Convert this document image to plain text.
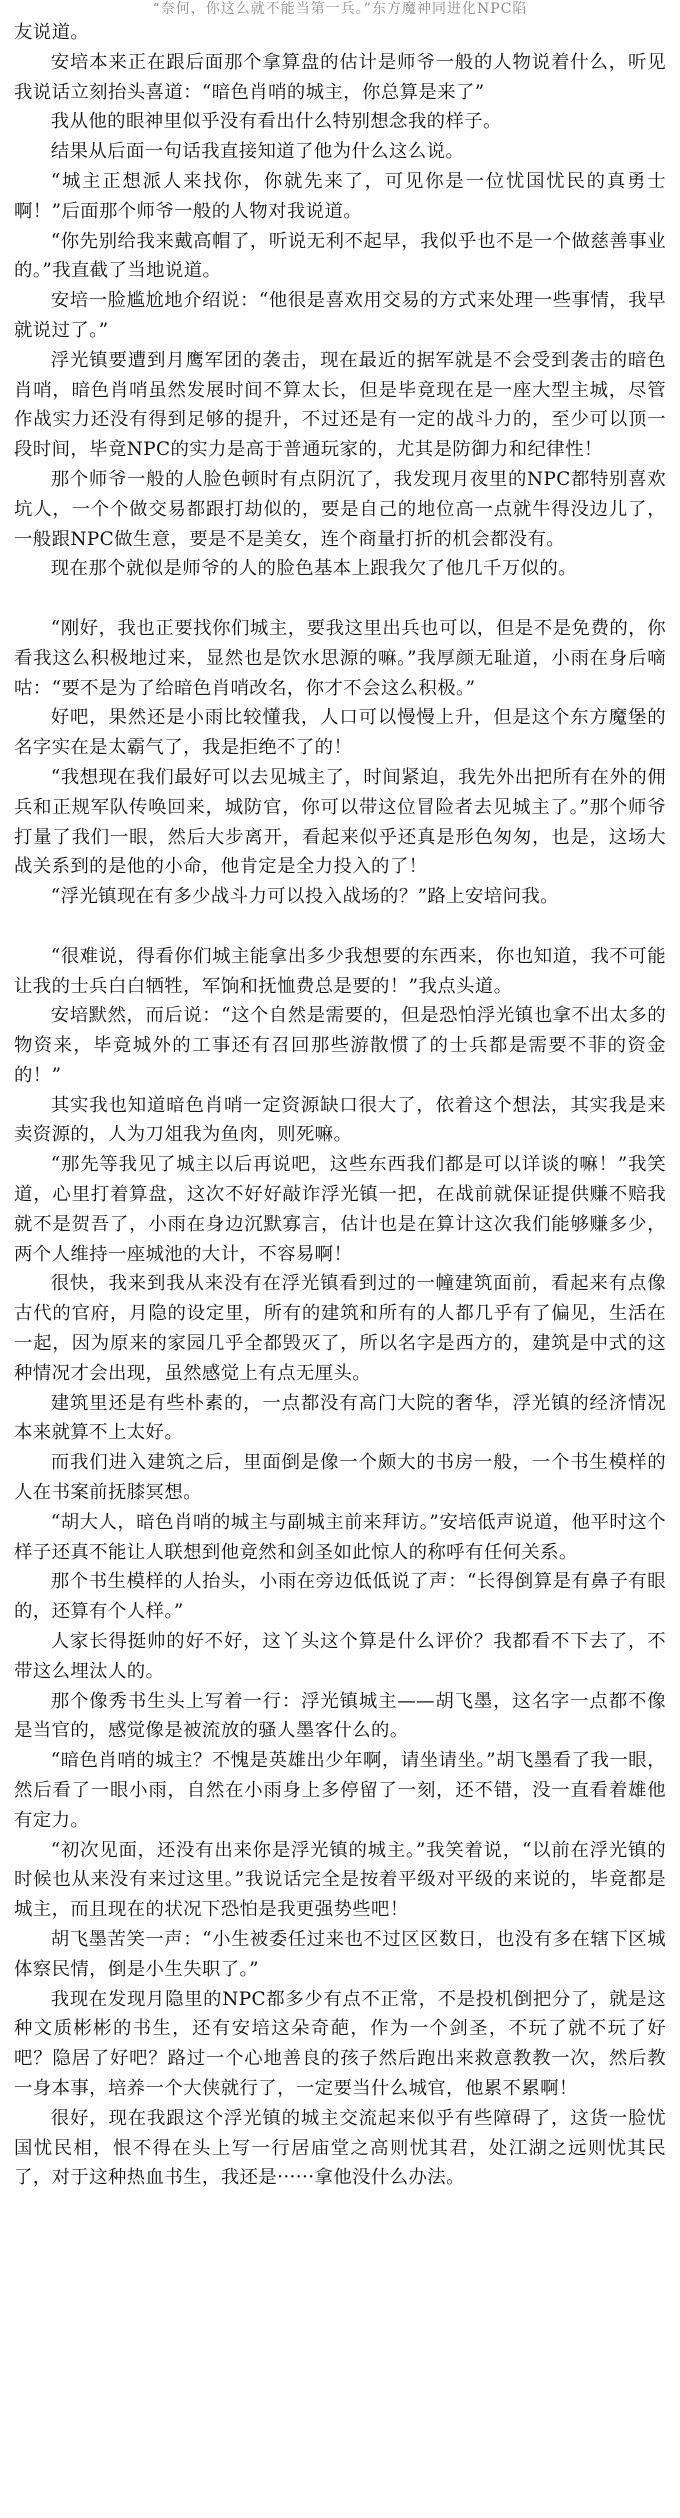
“奈何，你这么就不能当第一兵。”东方魔神同进化NPC陷

友说道。

安培本来正在跟后面那个拿算盘的估计是师爷一般的人物说着什么，听见我说话立刻抬头喜道：“暗色肖哨的城主，你总算是来了”

我从他的眼神里似乎没有看出什么特别想念我的样子。

结果从后面一句话我直接知道了他为什么这么说。

“城主正想派人来找你，你就先来了，可见你是一位忧国忧民的真勇士啊！”后面那个师爷一般的人物对我说道。

“你先别给我来戴高帽了，听说无利不起早，我似乎也不是一个做慈善事业的。”我直截了当地说道。

安培一脸尴尬地介绍说：“他很是喜欢用交易的方式来处理一些事情，我早就说过了。”

浮光镇要遭到月鹰军团的袭击，现在最近的据军就是不会受到袭击的暗色肖哨，暗色肖哨虽然发展时间不算太长，但是毕竟现在是一座大型主城，尽管作战实力还没有得到足够的提升，不过还是有一定的战斗力的，至少可以顶一段时间，毕竟NPC的实力是高于普通玩家的，尤其是防御力和纪律性！

那个师爷一般的人脸色顿时有点阴沉了，我发现月夜里的NPC都特别喜欢坑人，一个个做交易都跟打劫似的，要是自己的地位高一点就牛得没边儿了，一般跟NPC做生意，要是不是美女，连个商量打折的机会都没有。

现在那个就似是师爷的人的脸色基本上跟我欠了他几千万似的。

“刚好，我也正要找你们城主，要我这里出兵也可以，但是不是免费的，你看我这么积极地过来，显然也是饮水思源的嘛。”我厚颜无耻道，小雨在身后嘀咕：“要不是为了给暗色肖哨改名，你才不会这么积极。”

好吧，果然还是小雨比较懂我，人口可以慢慢上升，但是这个东方魔堡的名字实在是太霸气了，我是拒绝不了的！

“我想现在我们最好可以去见城主了，时间紧迫，我先外出把所有在外的佣兵和正规军队传唤回来，城防官，你可以带这位冒险者去见城主了。”那个师爷打量了我们一眼，然后大步离开，看起来似乎还真是形色匆匆，也是，这场大战关系到的是他的小命，他肯定是全力投入的了！

“浮光镇现在有多少战斗力可以投入战场的？”路上安培问我。

“很难说，得看你们城主能拿出多少我想要的东西来，你也知道，我不可能让我的士兵白白牺牲，军饷和抚恤费总是要的！”我点头道。

安培默然，而后说：“这个自然是需要的，但是恐怕浮光镇也拿不出太多的物资来，毕竟城外的工事还有召回那些游散惯了的士兵都是需要不菲的资金的！”

其实我也知道暗色肖哨一定资源缺口很大了，依着这个想法，其实我是来卖资源的，人为刀俎我为鱼肉，则死嘛。

“那先等我见了城主以后再说吧，这些东西我们都是可以详谈的嘛！”我笑道，心里打着算盘，这次不好好敲诈浮光镇一把，在战前就保证提供赚不赔我就不是贺吾了，小雨在身边沉默寡言，估计也是在算计这次我们能够赚多少，两个人维持一座城池的大计，不容易啊！

很快，我来到我从来没有在浮光镇看到过的一幢建筑面前，看起来有点像古代的官府，月隐的设定里，所有的建筑和所有的人都几乎有了偏见，生活在一起，因为原来的家园几乎全都毁灭了，所以名字是西方的，建筑是中式的这种情况才会出现，虽然感觉上有点无厘头。

建筑里还是有些朴素的，一点都没有高门大院的奢华，浮光镇的经济情况本来就算不上太好。

而我们进入建筑之后，里面倒是像一个颇大的书房一般，一个书生模样的人在书案前抚膝冥想。

“胡大人，暗色肖哨的城主与副城主前来拜访。”安培低声说道，他平时这个样子还真不能让人联想到他竟然和剑圣如此惊人的称呼有任何关系。

那个书生模样的人抬头，小雨在旁边低低说了声：“长得倒算是有鼻子有眼的，还算有个人样。”

人家长得挺帅的好不好，这丫头这个算是什么评价？我都看不下去了，不带这么埋汰人的。

那个像秀书生头上写着一行：浮光镇城主——胡飞墨，这名字一点都不像是当官的，感觉像是被流放的骚人墨客什么的。

“暗色肖哨的城主？不愧是英雄出少年啊，请坐请坐。”胡飞墨看了我一眼，然后看了一眼小雨，自然在小雨身上多停留了一刻，还不错，没一直看着雄他有定力。

“初次见面，还没有出来你是浮光镇的城主。”我笑着说，“以前在浮光镇的时候也从来没有来过这里。”我说话完全是按着平级对平级的来说的，毕竟都是城主，而且现在的状况下恐怕是我更强势些吧！

胡飞墨苦笑一声：“小生被委任过来也不过区区数日，也没有多在辖下区城体察民情，倒是小生失职了。”

我现在发现月隐里的NPC都多少有点不正常，不是投机倒把分了，就是这种文质彬彬的书生，还有安培这朵奇葩，作为一个剑圣，不玩了就不玩了好吧？隐居了好吧？路过一个心地善良的孩子然后跑出来救意教教一次，然后教一身本事，培养一个大侠就行了，一定要当什么城官，他累不累啊！

很好，现在我跟这个浮光镇的城主交流起来似乎有些障碍了，这货一脸忧国忧民相，恨不得在头上写一行居庙堂之高则忧其君，处江湖之远则忧其民了，对于这种热血书生，我还是······拿他没什么办法。
